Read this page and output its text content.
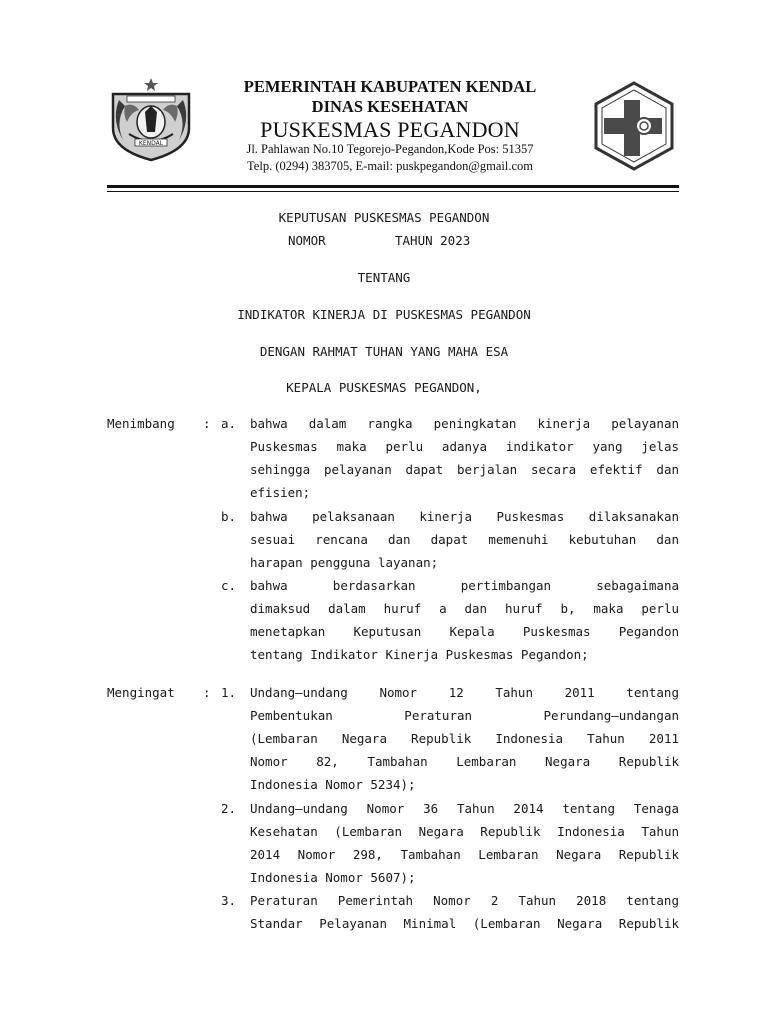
KENDAL
PEMERINTAH KABUPATEN KENDAL
DINAS KESEHATAN
PUSKESMAS PEGANDON
Jl. Pahlawan No.10 Tegorejo-Pegandon,Kode Pos: 51357
Telp. (0294) 383705, E-mail: puskpegandon@gmail.com
KEPUTUSAN PUSKESMAS PEGANDON
NOMOR	TAHUN 2023
TENTANG
INDIKATOR KINERJA DI PUSKESMAS PEGANDON
DENGAN RAHMAT TUHAN YANG MAHA ESA
KEPALA PUSKESMAS PEGANDON,
Menimbang : a. bahwa dalam rangka peningkatan kinerja pelayanan
Puskesmas maka perlu adanya indikator yang jelas
sehingga pelayanan dapat berjalan secara efektif dan
efisien;
b. bahwa pelaksanaan kinerja Puskesmas dilaksanakan
sesuai rencana dan dapat memenuhi kebutuhan dan
harapan pengguna layanan;
c. bahwa berdasarkan pertimbangan sebagaimana
dimaksud dalam huruf a dan huruf b, maka perlu
menetapkan Keputusan Kepala Puskesmas Pegandon
tentang Indikator Kinerja Puskesmas Pegandon;
Mengingat : 1. Undang–undang Nomor 12 Tahun 2011 tentang
Pembentukan Peraturan Perundang–undangan
(Lembaran Negara Republik Indonesia Tahun 2011
Nomor 82, Tambahan Lembaran Negara Republik
Indonesia Nomor 5234);
2. Undang–undang Nomor 36 Tahun 2014 tentang Tenaga
Kesehatan (Lembaran Negara Republik Indonesia Tahun
2014 Nomor 298, Tambahan Lembaran Negara Republik
Indonesia Nomor 5607);
3. Peraturan Pemerintah Nomor 2 Tahun 2018 tentang
Standar Pelayanan Minimal (Lembaran Negara Republik
